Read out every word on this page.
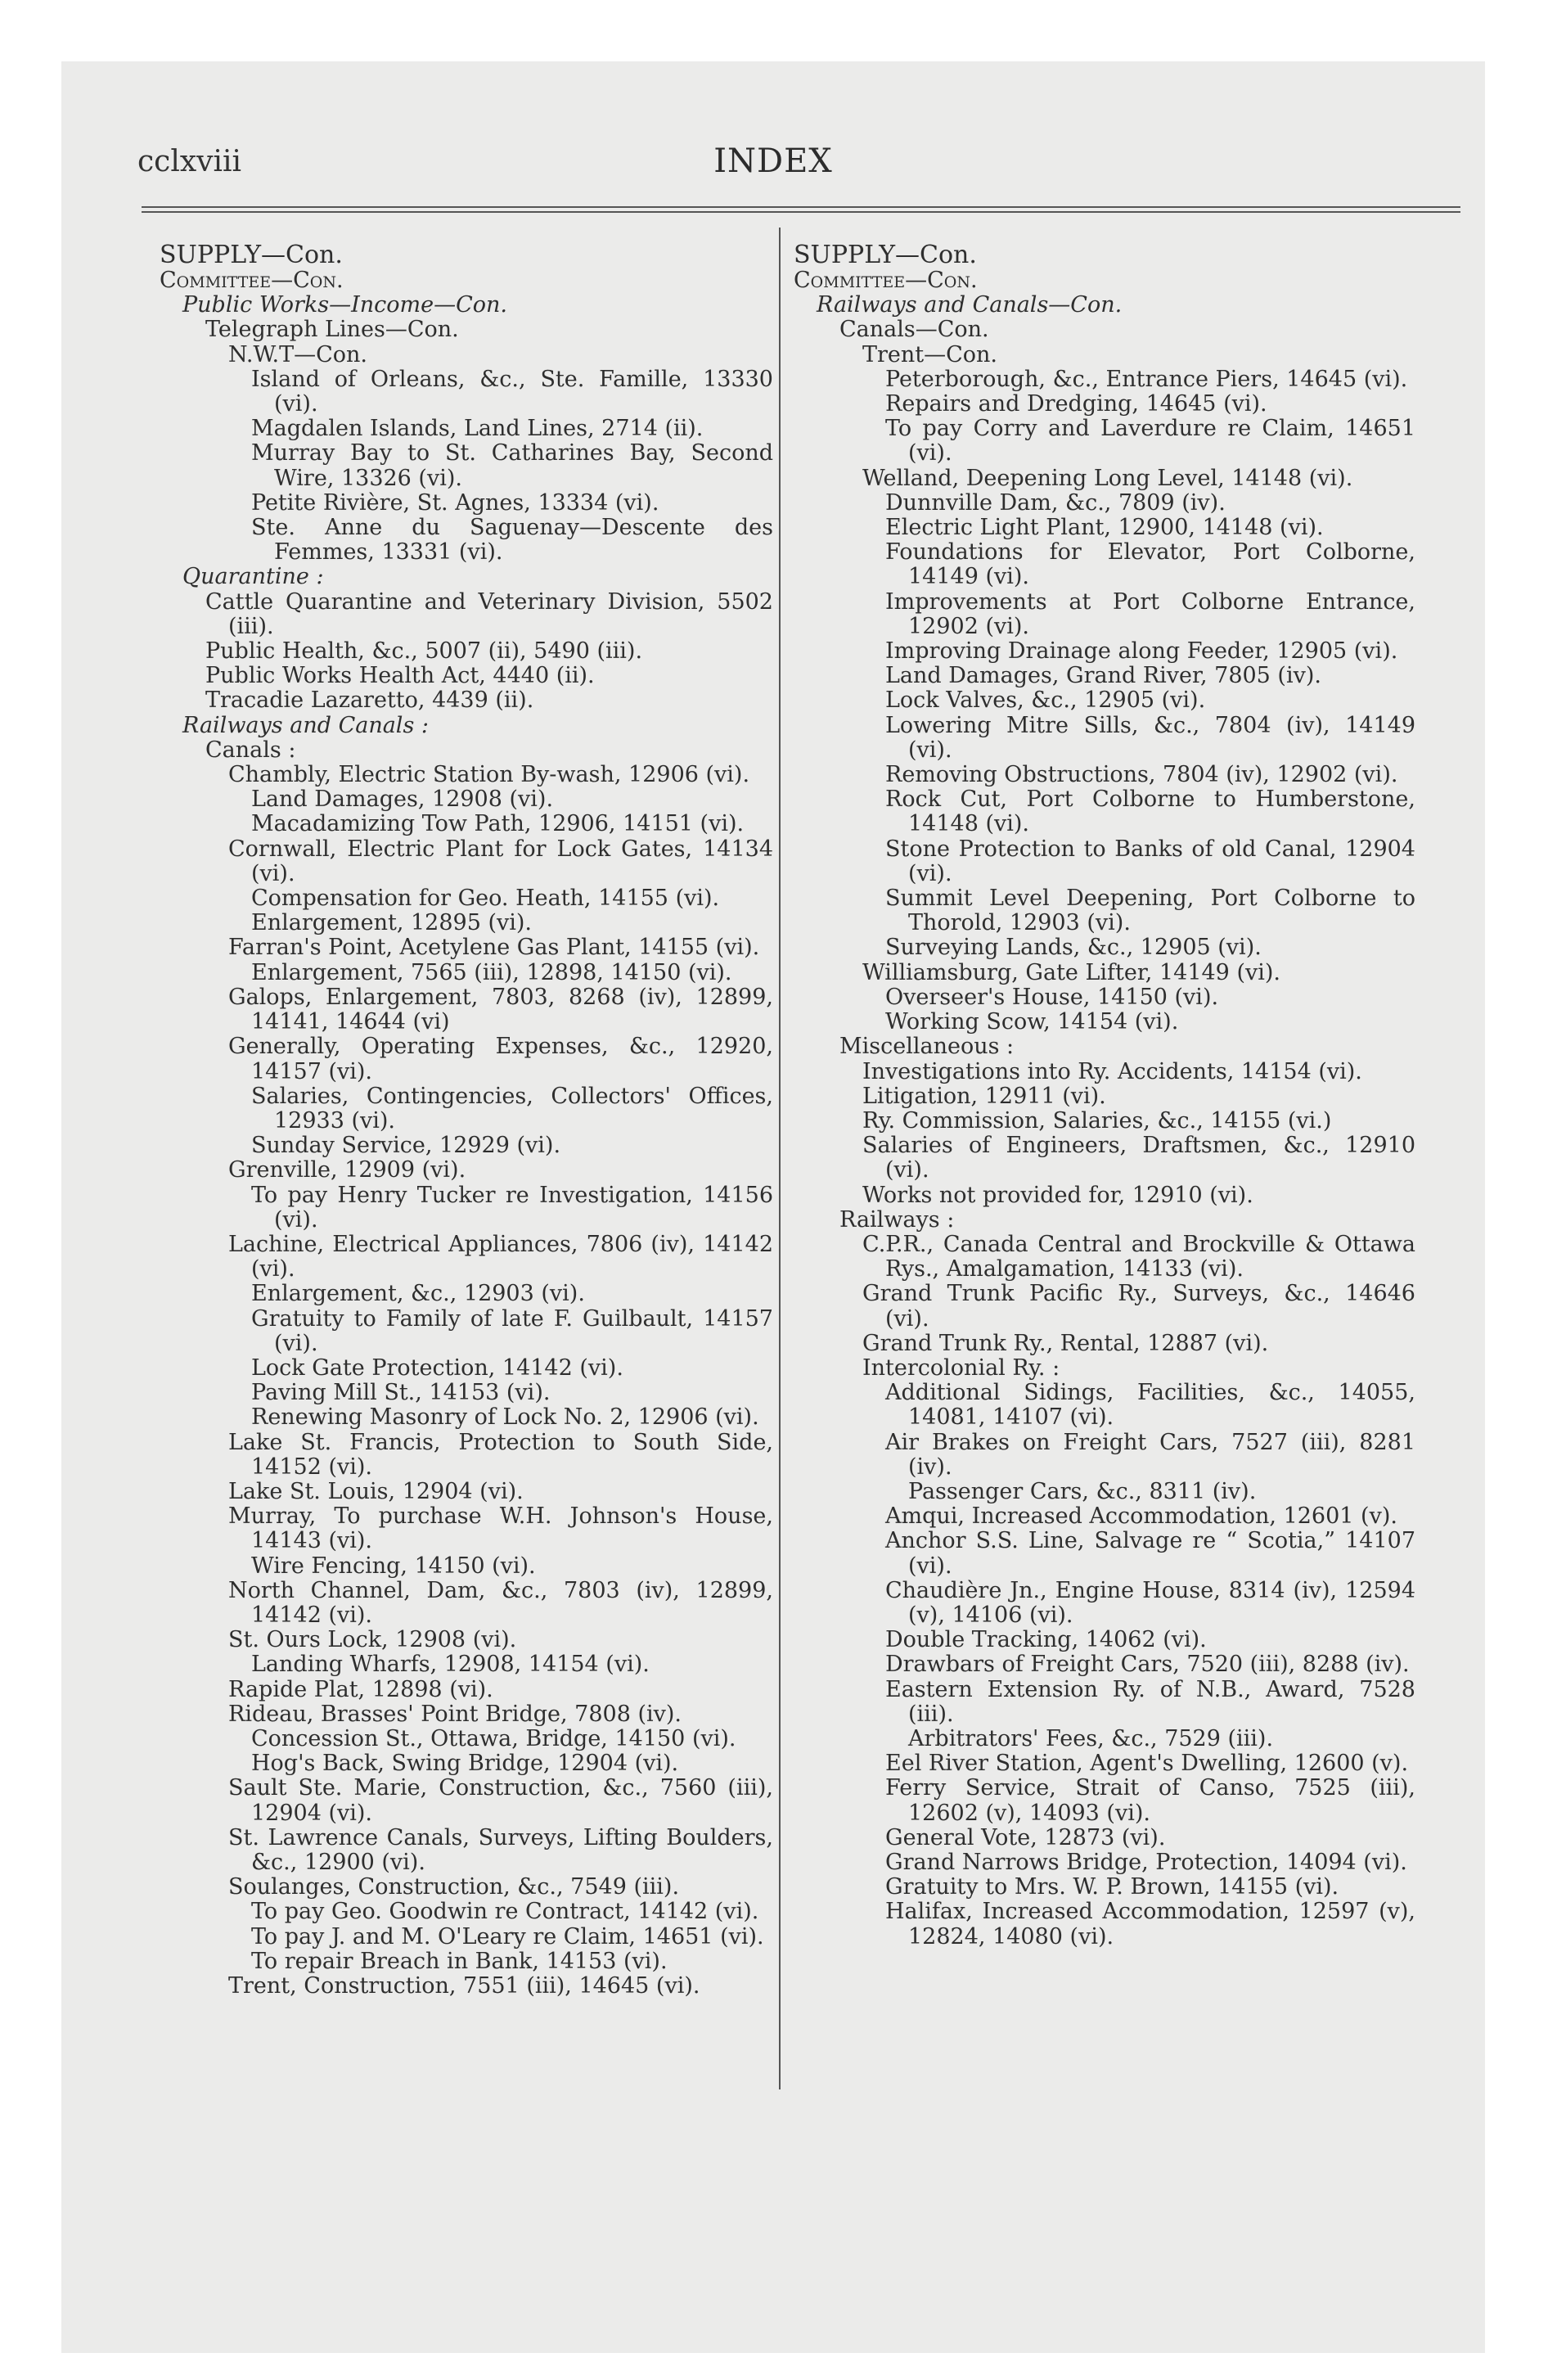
cclxviii	INDEX
SUPPLY—Con.
Committee—Con.
Public Works—Income—Con.
Telegraph Lines—Con.
N.W.T—Con.
Island of Orleans, &c., Ste. Famille, 13330 (vi).
Magdalen Islands, Land Lines, 2714 (ii).
Murray Bay to St. Catharines Bay, Second Wire, 13326 (vi).
Petite Rivière, St. Agnes, 13334 (vi).
Ste. Anne du Saguenay—Descente des Femmes, 13331 (vi).
Quarantine :
Cattle Quarantine and Veterinary Division, 5502 (iii).
Public Health, &c., 5007 (ii), 5490 (iii).
Public Works Health Act, 4440 (ii).
Tracadie Lazaretto, 4439 (ii).
Railways and Canals :
Canals :
Chambly, Electric Station By-wash, 12906 (vi).
Land Damages, 12908 (vi).
Macadamizing Tow Path, 12906, 14151 (vi).
Cornwall, Electric Plant for Lock Gates, 14134 (vi).
Compensation for Geo. Heath, 14155 (vi).
Enlargement, 12895 (vi).
Farran's Point, Acetylene Gas Plant, 14155 (vi).
Enlargement, 7565 (iii), 12898, 14150 (vi).
Galops, Enlargement, 7803, 8268 (iv), 12899, 14141, 14644 (vi)
Generally, Operating Expenses, &c., 12920, 14157 (vi).
Salaries, Contingencies, Collectors' Offices, 12933 (vi).
Sunday Service, 12929 (vi).
Grenville, 12909 (vi).
To pay Henry Tucker re Investigation, 14156 (vi).
Lachine, Electrical Appliances, 7806 (iv), 14142 (vi).
Enlargement, &c., 12903 (vi).
Gratuity to Family of late F. Guilbault, 14157 (vi).
Lock Gate Protection, 14142 (vi).
Paving Mill St., 14153 (vi).
Renewing Masonry of Lock No. 2, 12906 (vi).
Lake St. Francis, Protection to South Side, 14152 (vi).
Lake St. Louis, 12904 (vi).
Murray, To purchase W.H. Johnson's House, 14143 (vi).
Wire Fencing, 14150 (vi).
North Channel, Dam, &c., 7803 (iv), 12899, 14142 (vi).
St. Ours Lock, 12908 (vi).
Landing Wharfs, 12908, 14154 (vi).
Rapide Plat, 12898 (vi).
Rideau, Brasses' Point Bridge, 7808 (iv).
Concession St., Ottawa, Bridge, 14150 (vi).
Hog's Back, Swing Bridge, 12904 (vi).
Sault Ste. Marie, Construction, &c., 7560 (iii), 12904 (vi).
St. Lawrence Canals, Surveys, Lifting Boulders, &c., 12900 (vi).
Soulanges, Construction, &c., 7549 (iii).
To pay Geo. Goodwin re Contract, 14142 (vi).
To pay J. and M. O'Leary re Claim, 14651 (vi).
To repair Breach in Bank, 14153 (vi).
Trent, Construction, 7551 (iii), 14645 (vi).
SUPPLY—Con.
Committee—Con.
Railways and Canals—Con.
Canals—Con.
Trent—Con.
Peterborough, &c., Entrance Piers, 14645 (vi).
Repairs and Dredging, 14645 (vi).
To pay Corry and Laverdure re Claim, 14651 (vi).
Welland, Deepening Long Level, 14148 (vi).
Dunnville Dam, &c., 7809 (iv).
Electric Light Plant, 12900, 14148 (vi).
Foundations for Elevator, Port Colborne, 14149 (vi).
Improvements at Port Colborne Entrance, 12902 (vi).
Improving Drainage along Feeder, 12905 (vi).
Land Damages, Grand River, 7805 (iv).
Lock Valves, &c., 12905 (vi).
Lowering Mitre Sills, &c., 7804 (iv), 14149 (vi).
Removing Obstructions, 7804 (iv), 12902 (vi).
Rock Cut, Port Colborne to Humberstone, 14148 (vi).
Stone Protection to Banks of old Canal, 12904 (vi).
Summit Level Deepening, Port Colborne to Thorold, 12903 (vi).
Surveying Lands, &c., 12905 (vi).
Williamsburg, Gate Lifter, 14149 (vi).
Overseer's House, 14150 (vi).
Working Scow, 14154 (vi).
Miscellaneous :
Investigations into Ry. Accidents, 14154 (vi).
Litigation, 12911 (vi).
Ry. Commission, Salaries, &c., 14155 (vi.)
Salaries of Engineers, Draftsmen, &c., 12910 (vi).
Works not provided for, 12910 (vi).
Railways :
C.P.R., Canada Central and Brockville & Ottawa Rys., Amalgamation, 14133 (vi).
Grand Trunk Pacific Ry., Surveys, &c., 14646 (vi).
Grand Trunk Ry., Rental, 12887 (vi).
Intercolonial Ry. :
Additional Sidings, Facilities, &c., 14055, 14081, 14107 (vi).
Air Brakes on Freight Cars, 7527 (iii), 8281 (iv).
Passenger Cars, &c., 8311 (iv).
Amqui, Increased Accommodation, 12601 (v).
Anchor S.S. Line, Salvage re “ Scotia,” 14107 (vi).
Chaudière Jn., Engine House, 8314 (iv), 12594 (v), 14106 (vi).
Double Tracking, 14062 (vi).
Drawbars of Freight Cars, 7520 (iii), 8288 (iv).
Eastern Extension Ry. of N.B., Award, 7528 (iii).
Arbitrators' Fees, &c., 7529 (iii).
Eel River Station, Agent's Dwelling, 12600 (v).
Ferry Service, Strait of Canso, 7525 (iii), 12602 (v), 14093 (vi).
General Vote, 12873 (vi).
Grand Narrows Bridge, Protection, 14094 (vi).
Gratuity to Mrs. W. P. Brown, 14155 (vi).
Halifax, Increased Accommodation, 12597 (v), 12824, 14080 (vi).
